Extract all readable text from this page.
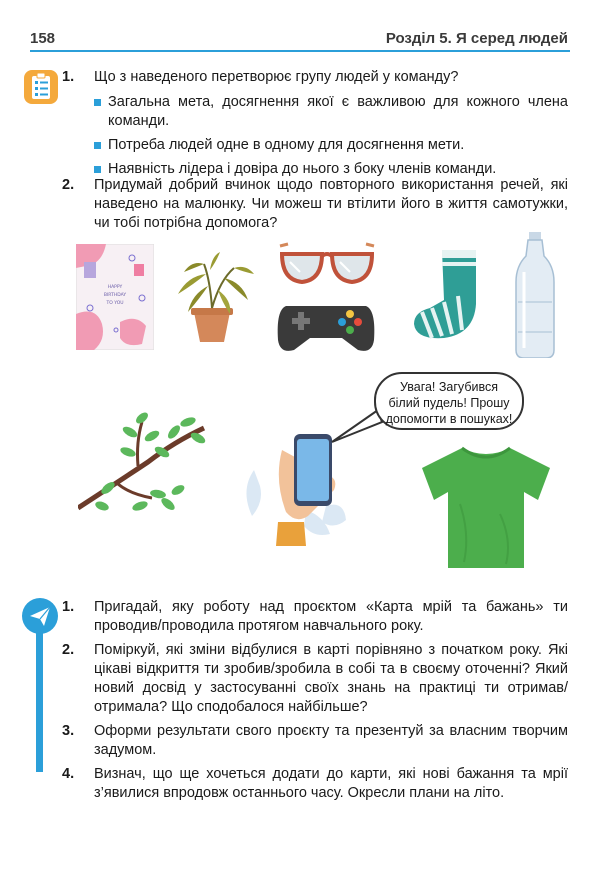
158	Розділ 5. Я серед людей
1. Що з наведеного перетворює групу людей у команду?
Загальна мета, досягнення якої є важливою для кожного члена команди.
Потреба людей одне в одному для досягнення мети.
Наявність лідера і довіра до нього з боку членів команди.
2. Придумай добрий вчинок щодо повторного використання речей, які наведено на малюнку. Чи можеш ти втілити його в життя самотужки, чи тобі потрібна допомога?
HAPPY
BIRTHDAY
TO YOU
Увага! Загубився білий пудель! Прошу допомогти в пошуках!
1. Пригадай, яку роботу над проєктом «Карта мрій та бажань» ти проводив/проводила протягом навчального року.
2. Поміркуй, які зміни відбулися в карті порівняно з початком року. Які цікаві відкриття ти зробив/зробила в собі та в своєму оточенні? Який новий досвід у застосуванні своїх знань на практиці ти отримав/отримала? Що сподобалося найбільше?
3. Оформи результати свого проєкту та презентуй за власним творчим задумом.
4. Визнач, що ще хочеться додати до карти, які нові бажання та мрії з’явилися впродовж останнього часу. Окресли плани на літо.
